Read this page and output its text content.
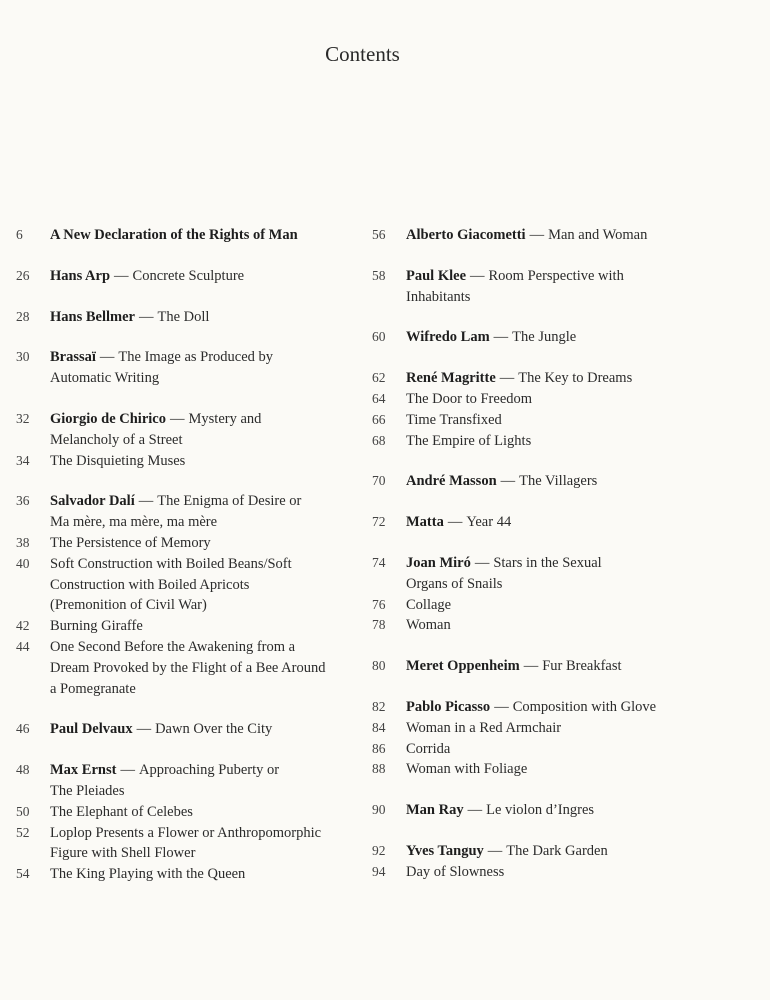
Contents
6	A New Declaration of the Rights of Man
26	Hans Arp — Concrete Sculpture
28	Hans Bellmer — The Doll
30	Brassaï — The Image as Produced by
Automatic Writing
32	Giorgio de Chirico — Mystery and
Melancholy of a Street
34	The Disquieting Muses
36	Salvador Dalí — The Enigma of Desire or
Ma mère, ma mère, ma mère
38	The Persistence of Memory
40	Soft Construction with Boiled Beans/Soft
Construction with Boiled Apricots
(Premonition of Civil War)
42	Burning Giraffe
44	One Second Before the Awakening from a
Dream Provoked by the Flight of a Bee Around
a Pomegranate
46	Paul Delvaux — Dawn Over the City
48	Max Ernst — Approaching Puberty or
The Pleiades
50	The Elephant of Celebes
52	Loplop Presents a Flower or Anthropomorphic
Figure with Shell Flower
54	The King Playing with the Queen
56	Alberto Giacometti — Man and Woman
58	Paul Klee — Room Perspective with
Inhabitants
60	Wifredo Lam — The Jungle
62	René Magritte — The Key to Dreams
64	The Door to Freedom
66	Time Transfixed
68	The Empire of Lights
70	André Masson — The Villagers
72	Matta — Year 44
74	Joan Miró — Stars in the Sexual
Organs of Snails
76	Collage
78	Woman
80	Meret Oppenheim — Fur Breakfast
82	Pablo Picasso — Composition with Glove
84	Woman in a Red Armchair
86	Corrida
88	Woman with Foliage
90	Man Ray — Le violon d’Ingres
92	Yves Tanguy — The Dark Garden
94	Day of Slowness
